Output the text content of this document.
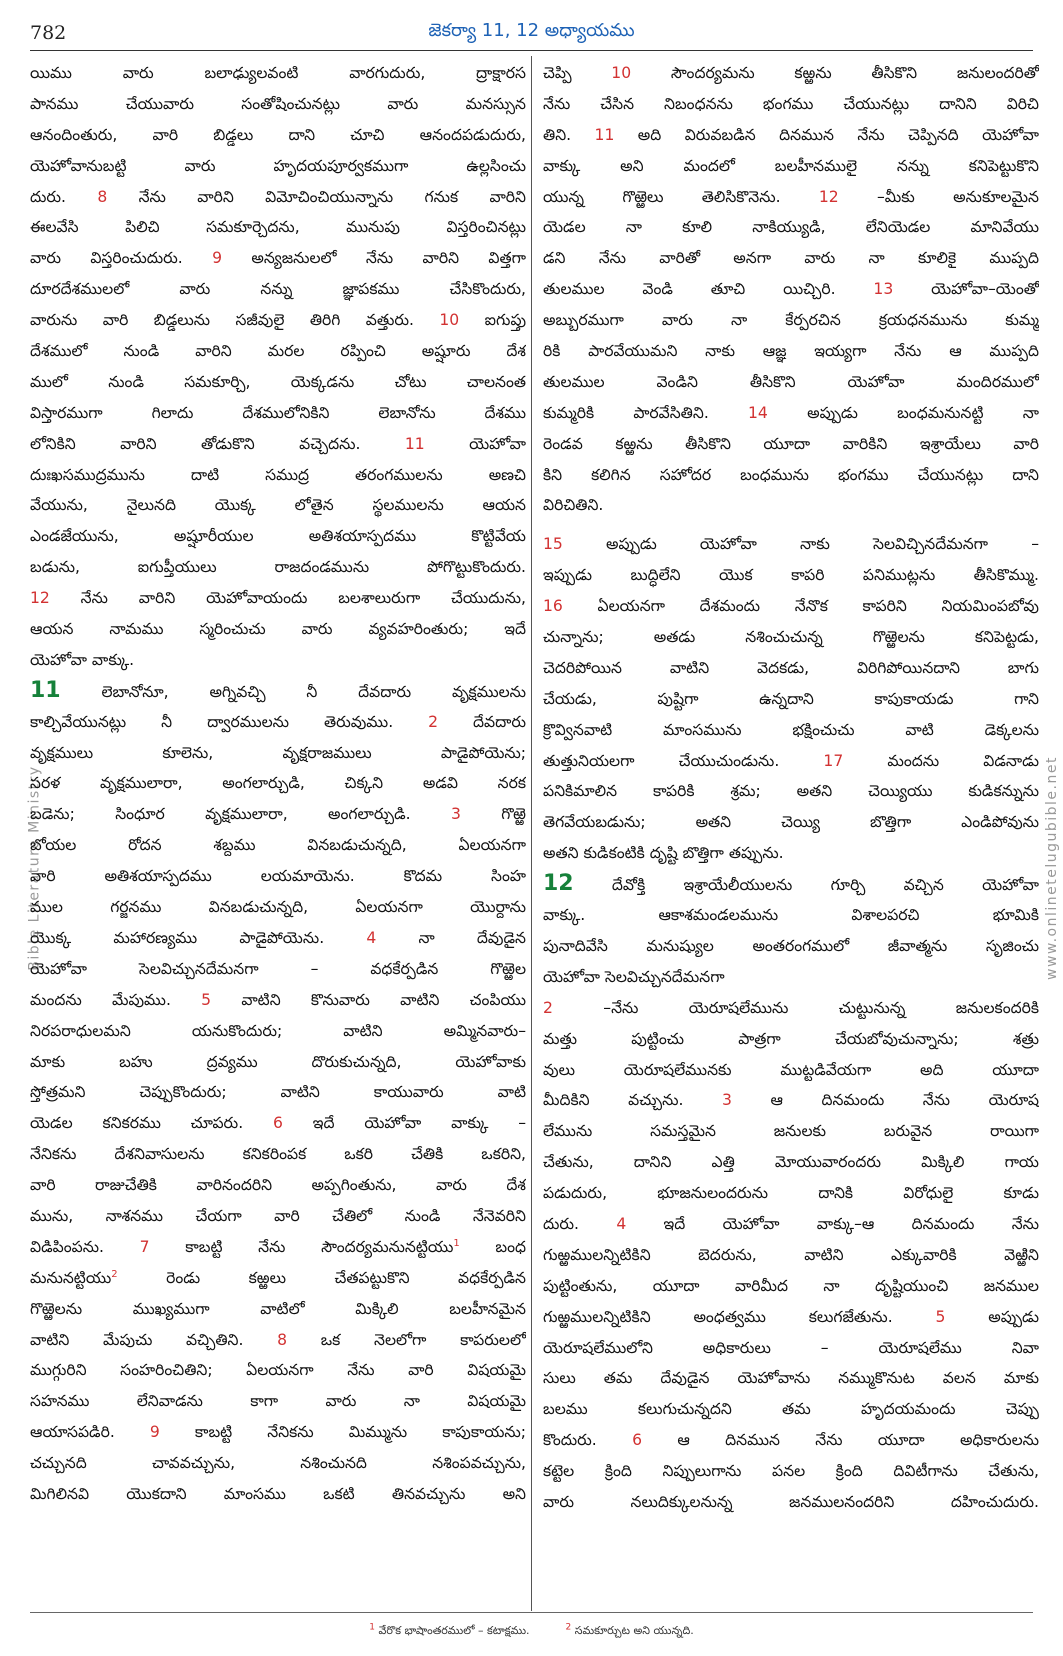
782	జెకర్యా 11, 12 అధ్యాయము
Bible Literature Ministry	www.onlinetelugubible.net
యిము వారు బలాఢ్యులవంటి వారగుదురు, ద్రాక్షారస
పానము చేయువారు సంతోషించునట్లు వారు మనస్సున
ఆనందింతురు, వారి బిడ్డలు దాని చూచి ఆనందపడుదురు,
యెహోవానుబట్టి వారు హృదయపూర్వకముగా ఉల్లసించు
దురు. 8 నేను వారిని విమోచించియున్నాను గనుక వారిని
ఈలవేసి పిలిచి సమకూర్చెదను, మునుపు విస్తరించినట్లు
వారు విస్తరించుదురు. 9 అన్యజనులలో నేను వారిని విత్తగా
దూరదేశములలో వారు నన్ను జ్ఞాపకము చేసికొందురు,
వారును వారి బిడ్డలును సజీవులై తిరిగి వత్తురు. 10 ఐగుప్తు
దేశములో నుండి వారిని మరల రప్పించి అష్షూరు దేశ
ములో నుండి సమకూర్చి, యెక్కడను చోటు చాలనంత
విస్తారముగా గిలాదు దేశములోనికిని లెబానోను దేశము
లోనికిని వారిని తోడుకొని వచ్చెదను. 11 యెహోవా
దుఃఖసముద్రమును దాటి సముద్ర తరంగములను అణచి
వేయును, నైలునది యొక్క లోతైన స్థలములను ఆయన
ఎండజేయును, అష్షూరీయుల అతిశయాస్పదము కొట్టివేయ
బడును, ఐగుప్తీయులు రాజదండమును పోగొట్టుకొందురు.
12 నేను వారిని యెహోవాయందు బలశాలురుగా చేయుదును,
ఆయన నామము స్మరించుచు వారు వ్యవహరింతురు; ఇదే
యెహోవా వాక్కు.
11 లెబానోనూ, అగ్నివచ్చి నీ దేవదారు వృక్షములను
కాల్చివేయునట్లు నీ ద్వారములను తెరువుము. 2 దేవదారు
వృక్షములు కూలెను, వృక్షరాజములు పాడైపోయెను;
సరళ వృక్షములారా, అంగలార్చుడి, చిక్కని అడవి నరక
బడెను; సింధూర వృక్షములారా, అంగలార్చుడి. 3 గొఱ్ఱె
బోయల రోదన శబ్దము వినబడుచున్నది, ఏలయనగా
వారి అతిశయాస్పదము లయమాయెను. కొదమ సింహ
ముల గర్జనము వినబడుచున్నది, ఏలయనగా యొర్దాను
యొక్క మహారణ్యము పాడైపోయెను. 4 నా దేవుడైన
యెహోవా సెలవిచ్చునదేమనగా – వధకేర్పడిన గొఱ్ఱెల
మందను మేపుము. 5 వాటిని కొనువారు వాటిని చంపియు
నిరపరాధులమని యనుకొందురు; వాటిని అమ్మినవారు–
మాకు బహు ద్రవ్యము దొరుకుచున్నది, యెహోవాకు
స్తోత్రమని చెప్పుకొందురు; వాటిని కాయువారు వాటి
యెడల కనికరము చూపరు. 6 ఇదే యెహోవా వాక్కు –
నేనికను దేశనివాసులను కనికరింపక ఒకరి చేతికి ఒకరిని,
వారి రాజుచేతికి వారినందరిని అప్పగింతును, వారు దేశ
మును, నాశనము చేయగా వారి చేతిలో నుండి నేనెవరిని
విడిపింపను. 7 కాబట్టి నేను సౌందర్యమనునట్టియు$^1$ బంధ
మనునట్టియు$^2$ రెండు కఱ్ఱలు చేతపట్టుకొని వధకేర్పడిన
గొఱ్ఱెలను ముఖ్యముగా వాటిలో మిక్కిలి బలహీనమైన
వాటిని మేపుచు వచ్చితిని. 8 ఒక నెలలోగా కాపరులలో
ముగ్గురిని సంహరించితిని; ఏలయనగా నేను వారి విషయమై
సహనము లేనివాడను కాగా వారు నా విషయమై
ఆయాసపడిరి. 9 కాబట్టి నేనికను మిమ్మును కాపుకాయను;
చచ్చునది చావవచ్చును, నశించునది నశింపవచ్చును,
మిగిలినవి యొకదాని మాంసము ఒకటి తినవచ్చును అని
చెప్పి 10 సౌందర్యమను కఱ్ఱను తీసికొని జనులందరితో
నేను చేసిన నిబంధనను భంగము చేయునట్లు దానిని విరిచి
తిని. 11 అది విరువబడిన దినమున నేను చెప్పినది యెహోవా
వాక్కు అని మందలో బలహీనములై నన్ను కనిపెట్టుకొని
యున్న గొఱ్ఱెలు తెలిసికొనెను. 12 –మీకు అనుకూలమైన
యెడల నా కూలి నాకియ్యుడి, లేనియెడల మానివేయు
డని నేను వారితో అనగా వారు నా కూలికై ముప్పది
తులముల వెండి తూచి యిచ్చిరి. 13 యెహోవా–యెంతో
అబ్బురముగా వారు నా కేర్పరచిన క్రయధనమును కుమ్మ
రికి పారవేయుమని నాకు ఆజ్ఞ ఇయ్యగా నేను ఆ ముప్పది
తులముల వెండిని తీసికొని యెహోవా మందిరములో
కుమ్మరికి పారవేసితిని. 14 అప్పుడు బంధమనునట్టి నా
రెండవ కఱ్ఱను తీసికొని యూదా వారికిని ఇశ్రాయేలు వారి
కిని కలిగిన సహోదర బంధమును భంగము చేయునట్లు దాని
విరిచితిని.
15 అప్పుడు యెహోవా నాకు సెలవిచ్చినదేమనగా –
ఇప్పుడు బుద్ధిలేని యొక కాపరి పనిముట్లను తీసికొమ్ము.
16 ఏలయనగా దేశమందు నేనొక కాపరిని నియమింపబోవు
చున్నాను; అతడు నశించుచున్న గొఱ్ఱెలను కనిపెట్టడు,
చెదరిపోయిన వాటిని వెదకడు, విరిగిపోయినదాని బాగు
చేయడు, పుష్టిగా ఉన్నదాని కాపుకాయడు గాని
క్రొవ్వినవాటి మాంసమును భక్షించుచు వాటి డెక్కలను
తుత్తునియలగా చేయుచుండును. 17 మందను విడనాడు
పనికిమాలిన కాపరికి శ్రమ; అతని చెయ్యియు కుడికన్నును
తెగవేయబడును; అతని చెయ్యి బొత్తిగా ఎండిపోవును
అతని కుడికంటికి దృష్టి బొత్తిగా తప్పును.
12 దేవోక్తి ఇశ్రాయేలీయులను గూర్చి వచ్చిన యెహోవా
వాక్కు. ఆకాశమండలమును విశాలపరచి భూమికి
పునాదివేసి మనుష్యుల అంతరంగములో జీవాత్మను సృజించు
యెహోవా సెలవిచ్చునదేమనగా
2 –నేను యెరూషలేమును చుట్టునున్న జనులకందరికి
మత్తు పుట్టించు పాత్రగా చేయబోవుచున్నాను; శత్రు
వులు యెరూషలేమునకు ముట్టడివేయగా అది యూదా
మీదికిని వచ్చును. 3 ఆ దినమందు నేను యెరూష
లేమును సమస్తమైన జనులకు బరువైన రాయిగా
చేతును, దానిని ఎత్తి మోయువారందరు మిక్కిలి గాయ
పడుదురు, భూజనులందరును దానికి విరోధులై కూడు
దురు. 4 ఇదే యెహోవా వాక్కు–ఆ దినమందు నేను
గుఱ్ఱములన్నిటికిని బెదరును, వాటిని ఎక్కువారికి వెఱ్ఱిని
పుట్టింతును, యూదా వారిమీద నా దృష్టియుంచి జనముల
గుఱ్ఱములన్నిటికిని అంధత్వము కలుగజేతును. 5 అప్పుడు
యెరూషలేములోని అధికారులు – యెరూషలేము నివా
సులు తమ దేవుడైన యెహోవాను నమ్ముకొనుట వలన మాకు
బలము కలుగుచున్నదని తమ హృదయమందు చెప్పు
కొందురు. 6 ఆ దినమున నేను యూదా అధికారులను
కట్టెల క్రింది నిప్పులుగాను పనల క్రింది దివిటీగాను చేతును,
వారు నలుదిక్కులనున్న జనములనందరిని దహించుదురు.
$^1$ వేరొక భాషాంతరములో – కటాక్షము.	$^2$ సమకూర్చుట అని యున్నది.
